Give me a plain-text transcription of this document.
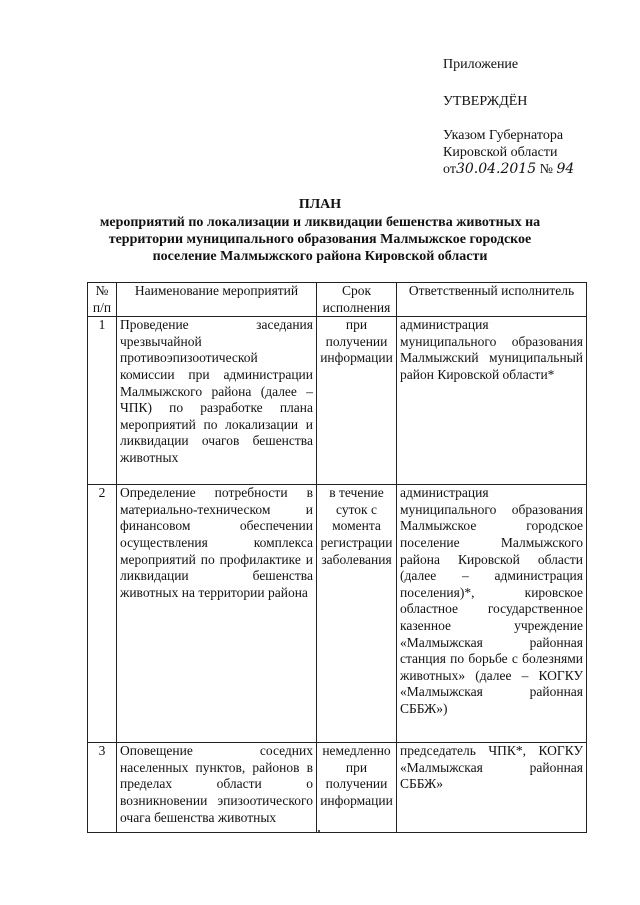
Приложение
УТВЕРЖДЁН
Указом Губернатора
Кировской области
от30.04.2015 № 94
ПЛАН
мероприятий по локализации и ликвидации бешенства животных на
территории муниципального образования Малмыжское городское
поселение Малмыжского района Кировской области
№ п/п	Наименование мероприятий	Срок исполнения	Ответственный исполнитель
1	Проведение заседания чрезвычайной противоэпизоотической комиссии при администрации Малмыжского района (далее – ЧПК) по разработке плана мероприятий по локализации и ликвидации очагов бешенства животных	при получении информации	администрация муниципального образования Малмыжский муниципальный район Кировской области*
2	Определение потребности в материально-техническом и финансовом обеспечении осуществления комплекса мероприятий по профилактике и ликвидации бешенства животных на территории района	в течение суток с момента регистрации заболевания	администрация муниципального образования Малмыжское городское поселение Малмыжского района Кировской области (далее – администрация поселения)*, кировское областное государственное казенное учреждение «Малмыжская районная станция по борьбе с болезнями животных» (далее – КОГКУ «Малмыжская районная СББЖ»)
3	Оповещение соседних населенных пунктов, районов в пределах области о возникновении эпизоотического очага бешенства животных	немедленно при получении информации	председатель ЧПК*, КОГКУ «Малмыжская районная СББЖ»
